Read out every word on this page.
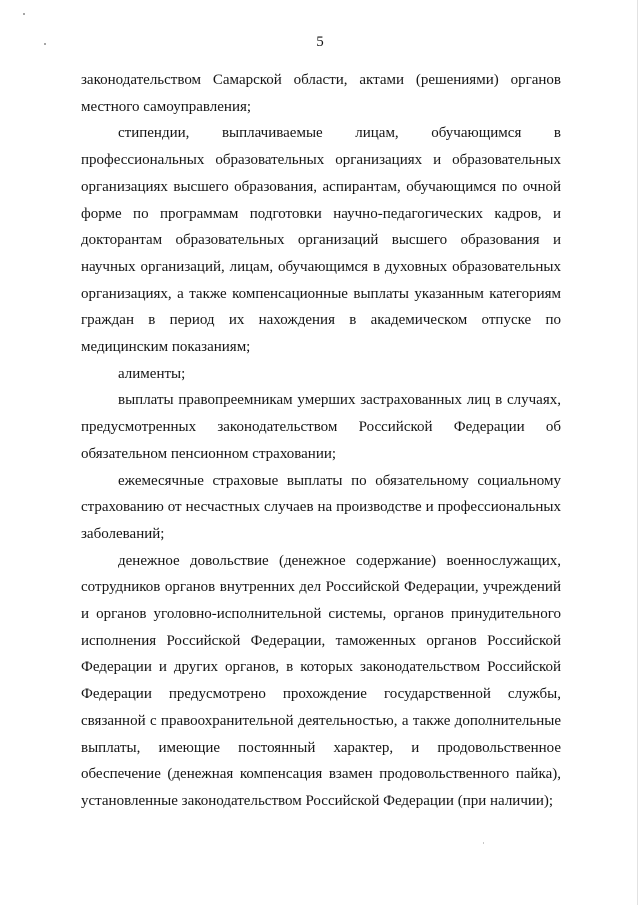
5

законодательством Самарской области, актами (решениями) органов местного самоуправления;

стипендии, выплачиваемые лицам, обучающимся в профессиональных образовательных организациях и образовательных организациях высшего образования, аспирантам, обучающимся по очной форме по программам подготовки научно-педагогических кадров, и докторантам образовательных организаций высшего образования и научных организаций, лицам, обучающимся в духовных образовательных организациях, а также компенсационные выплаты указанным категориям граждан в период их нахождения в академическом отпуске по медицинским показаниям;

алименты;

выплаты правопреемникам умерших застрахованных лиц в случаях, предусмотренных законодательством Российской Федерации об обязательном пенсионном страховании;

ежемесячные страховые выплаты по обязательному социальному страхованию от несчастных случаев на производстве и профессиональных заболеваний;

денежное довольствие (денежное содержание) военнослужащих, сотрудников органов внутренних дел Российской Федерации, учреждений и органов уголовно-исполнительной системы, органов принудительного исполнения Российской Федерации, таможенных органов Российской Федерации и других органов, в которых законодательством Российской Федерации предусмотрено прохождение государственной службы, связанной с правоохранительной деятельностью, а также дополнительные выплаты, имеющие постоянный характер, и продовольственное обеспечение (денежная компенсация взамен продовольственного пайка), установленные законодательством Российской Федерации (при наличии);
